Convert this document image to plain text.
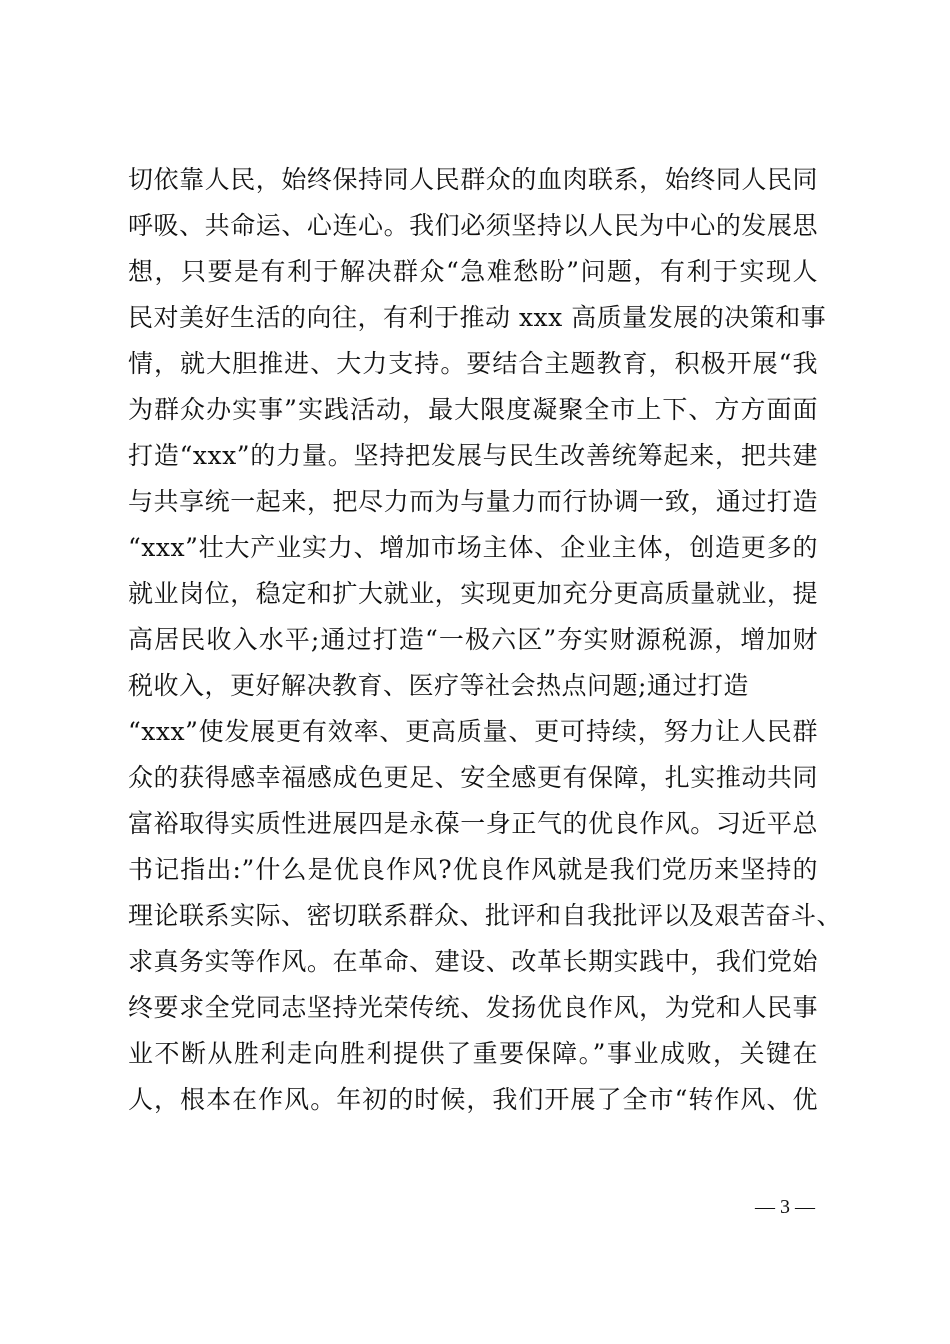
切依靠人民，始终保持同人民群众的血肉联系，始终同人民同
呼吸、共命运、心连心。我们必须坚持以人民为中心的发展思
想，只要是有利于解决群众“急难愁盼”问题，有利于实现人
民对美好生活的向往，有利于推动 xxx 高质量发展的决策和事
情，就大胆推进、大力支持。要结合主题教育，积极开展“我
为群众办实事”实践活动，最大限度凝聚全市上下、方方面面
打造“xxx”的力量。坚持把发展与民生改善统筹起来，把共建
与共享统一起来，把尽力而为与量力而行协调一致，通过打造
“xxx”壮大产业实力、增加市场主体、企业主体，创造更多的
就业岗位，稳定和扩大就业，实现更加充分更高质量就业，提
高居民收入水平;通过打造“一极六区”夯实财源税源，增加财
税收入，更好解决教育、医疗等社会热点问题;通过打造
“xxx”使发展更有效率、更高质量、更可持续，努力让人民群
众的获得感幸福感成色更足、安全感更有保障，扎实推动共同
富裕取得实质性进展四是永葆一身正气的优良作风。习近平总
书记指出:”什么是优良作风?优良作风就是我们党历来坚持的
理论联系实际、密切联系群众、批评和自我批评以及艰苦奋斗、
求真务实等作风。在革命、建设、改革长期实践中，我们党始
终要求全党同志坚持光荣传统、发扬优良作风，为党和人民事
业不断从胜利走向胜利提供了重要保障。”事业成败，关键在
人，根本在作风。年初的时候，我们开展了全市“转作风、优
— 3 —
